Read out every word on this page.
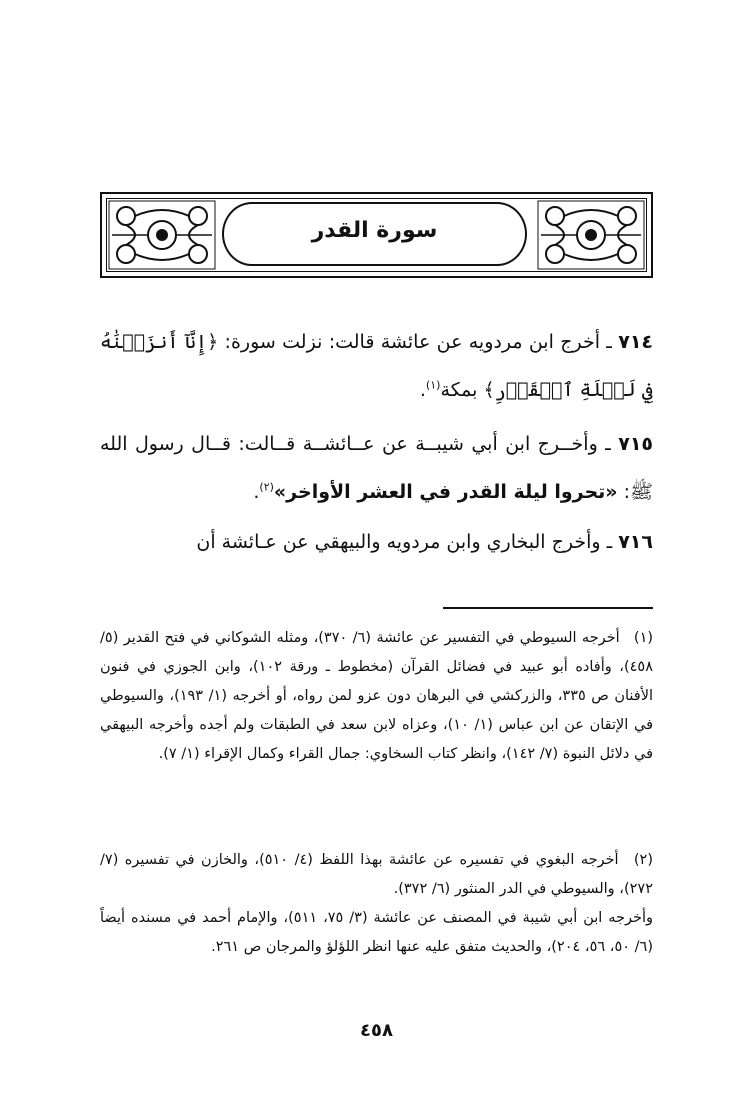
سورة القدر
٧١٤ ـ أخرج ابن مردويه عن عائشة قالت: نزلت سورة: ﴿إِنَّآ أَنزَلۡنَٰهُ فِي لَيۡلَةِ ٱلۡقَدۡرِ﴾ بمكة$^{(١)}$.
٧١٥ ـ وأخــرج ابن أبي شيبــة عن عــائشــة قــالت: قــال رسول الله ﷺ: «تحروا ليلة القدر في العشر الأواخر»$^{(٢)}$.
٧١٦ ـ وأخرج البخاري وابن مردويه والبيهقي عن عـائشة أن
(١) أخرجه السيوطي في التفسير عن عائشة (٦/ ٣٧٠)، ومثله الشوكاني في فتح القدير (٥/ ٤٥٨)، وأفاده أبو عبيد في فضائل القرآن (مخطوط ـ ورقة ١٠٢)، وابن الجوزي في فنون الأفنان ص ٣٣٥، والزركشي في البرهان دون عزو لمن رواه، أو أخرجه (١/ ١٩٣)، والسيوطي في الإتقان عن ابن عباس (١/ ١٠)، وعزاه لابن سعد في الطبقات ولم أجده وأخرجه البيهقي في دلائل النبوة (٧/ ١٤٢)، وانظر كتاب السخاوي: جمال القراء وكمال الإقراء (١/ ٧).
(٢) أخرجه البغوي في تفسيره عن عائشة بهذا اللفظ (٤/ ٥١٠)، والخازن في تفسيره (٧/ ٢٧٢)، والسيوطي في الدر المنثور (٦/ ٣٧٢).
وأخرجه ابن أبي شيبة في المصنف عن عائشة (٣/ ٧٥، ٥١١)، والإمام أحمد في مسنده أيضاً (٦/ ٥٠، ٥٦، ٢٠٤)، والحديث متفق عليه عنها انظر اللؤلؤ والمرجان ص ٢٦١.
٤٥٨
